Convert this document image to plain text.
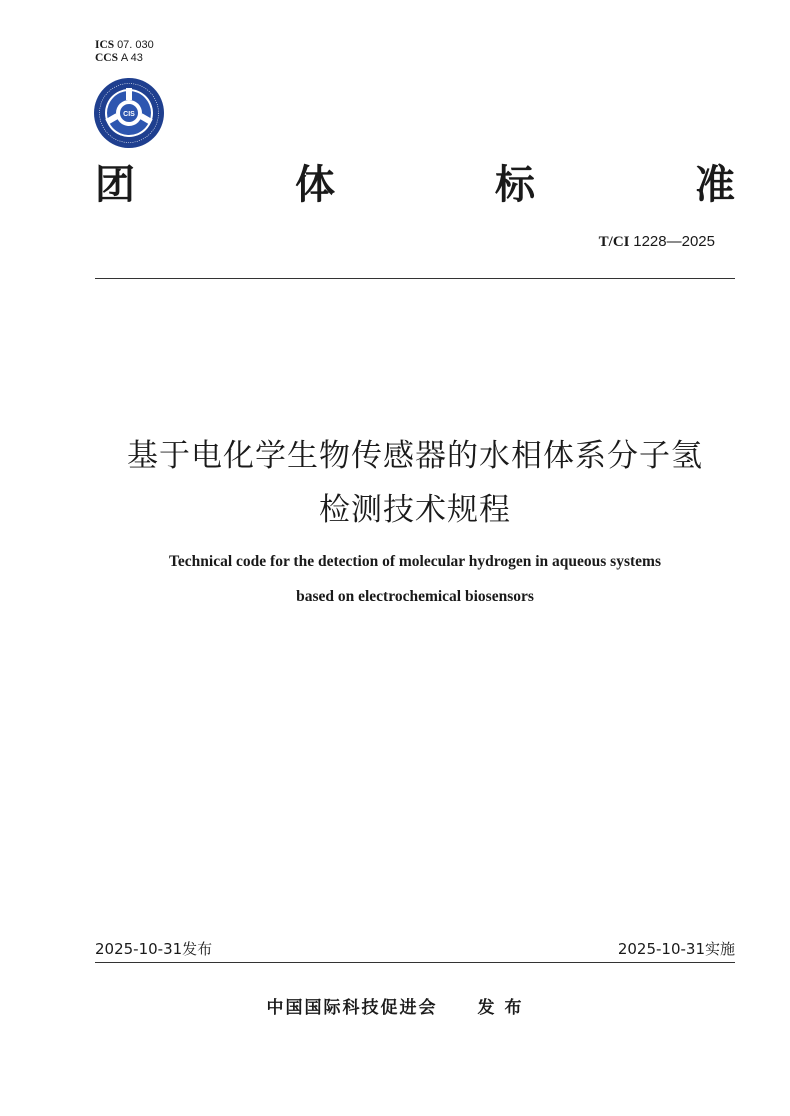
ICS 07. 030
CCS A 43
CIS
团	体	标	准
T/CI 1228—2025
基于电化学生物传感器的水相体系分子氢
检测技术规程
Technical code for the detection of molecular hydrogen in aqueous systems
based on electrochemical biosensors
2025-10-31发布	2025-10-31实施
中国国际科技促进会 发 布
